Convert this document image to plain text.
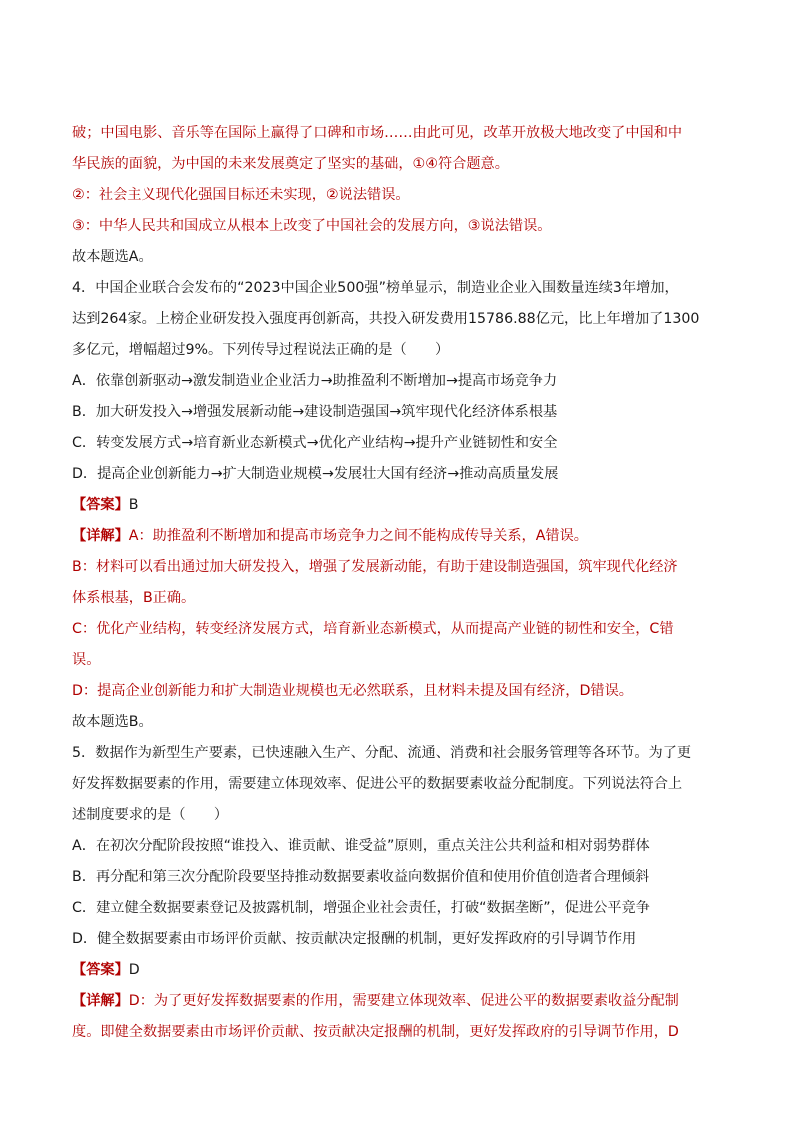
破；中国电影、音乐等在国际上赢得了口碑和市场……由此可见，改革开放极大地改变了中国和中
华民族的面貌，为中国的未来发展奠定了坚实的基础，①④符合题意。
②：社会主义现代化强国目标还未实现，②说法错误。
③：中华人民共和国成立从根本上改变了中国社会的发展方向，③说法错误。
故本题选A。
4．中国企业联合会发布的“2023中国企业500强”榜单显示，制造业企业入围数量连续3年增加，
达到264家。上榜企业研发投入强度再创新高，共投入研发费用15786.88亿元，比上年增加了1300
多亿元，增幅超过9%。下列传导过程说法正确的是（　　）
A．依靠创新驱动→激发制造业企业活力→助推盈利不断增加→提高市场竞争力
B．加大研发投入→增强发展新动能→建设制造强国→筑牢现代化经济体系根基
C．转变发展方式→培育新业态新模式→优化产业结构→提升产业链韧性和安全
D．提高企业创新能力→扩大制造业规模→发展壮大国有经济→推动高质量发展
【答案】B
【详解】A：助推盈利不断增加和提高市场竞争力之间不能构成传导关系，A错误。
B：材料可以看出通过加大研发投入，增强了发展新动能，有助于建设制造强国，筑牢现代化经济
体系根基，B正确。
C：优化产业结构，转变经济发展方式，培育新业态新模式，从而提高产业链的韧性和安全，C错
误。
D：提高企业创新能力和扩大制造业规模也无必然联系，且材料未提及国有经济，D错误。
故本题选B。
5．数据作为新型生产要素，已快速融入生产、分配、流通、消费和社会服务管理等各环节。为了更
好发挥数据要素的作用，需要建立体现效率、促进公平的数据要素收益分配制度。下列说法符合上
述制度要求的是（　　）
A．在初次分配阶段按照“谁投入、谁贡献、谁受益”原则，重点关注公共利益和相对弱势群体
B．再分配和第三次分配阶段要坚持推动数据要素收益向数据价值和使用价值创造者合理倾斜
C．建立健全数据要素登记及披露机制，增强企业社会责任，打破“数据垄断”，促进公平竞争
D．健全数据要素由市场评价贡献、按贡献决定报酬的机制，更好发挥政府的引导调节作用
【答案】D
【详解】D：为了更好发挥数据要素的作用，需要建立体现效率、促进公平的数据要素收益分配制
度。即健全数据要素由市场评价贡献、按贡献决定报酬的机制，更好发挥政府的引导调节作用，D
